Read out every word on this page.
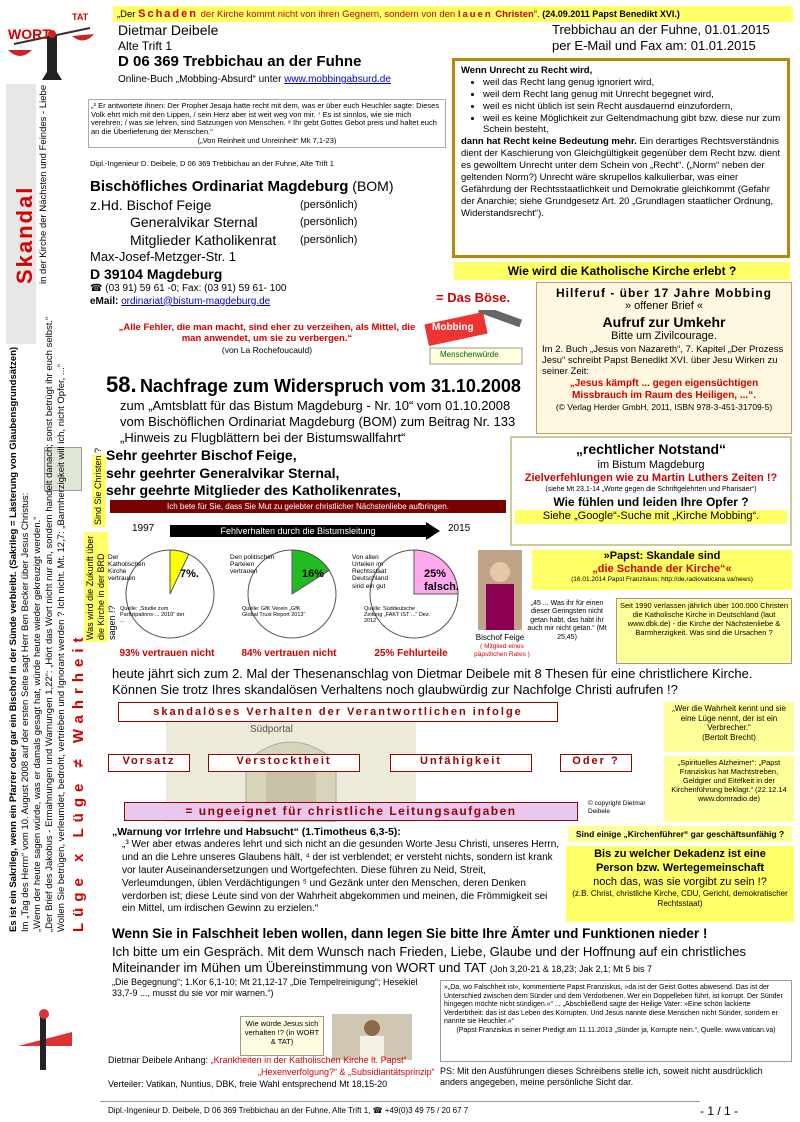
„Der Schaden der Kirche kommt nicht von ihren Gegnern, sondern von den lauen Christen“. (24.09.2011 Papst Benedikt XVI.)
WORT
TAT
Dietmar Deibele
Alte Trift 1
D 06 369 Trebbichau an der Fuhne
Online-Buch „Mobbing-Absurd“ unter www.mobbingabsurd.de
Trebbichau an der Fuhne, 01.01.2015
per E-Mail und Fax am: 01.01.2015
„² Er antwortete ihnen: Der Prophet Jesaja hatte recht mit dem, was er über euch Heuchler sagte: Dieses Volk ehrt mich mit den Lippen, / sein Herz aber ist weit weg von mir. ⁷ Es ist sinnlos, wie sie mich verehren; / was sie lehren, sind Satzungen von Menschen. ⁸ Ihr gebt Gottes Gebot preis und haltet euch an die Überlieferung der Menschen.“
(„Von Reinheit und Unreinheit“ Mk 7,1-23)
Dipl.-Ingenieur D. Deibele, D 06 369 Trebbichau an der Fuhne, Alte Trift 1
Bischöfliches Ordinariat Magdeburg (BOM)
z.Hd. Bischof Feige	(persönlich)
Generalvikar Sternal	(persönlich)
Mitglieder Katholikenrat	(persönlich)
Max-Josef-Metzger-Str. 1
D 39104 Magdeburg
☎ (03 91) 59 61 -0; Fax: (03 91) 59 61- 100
eMail: ordinariat@bistum-magdeburg.de
Wenn Unrecht zu Recht wird,
• weil das Recht lang genug ignoriert wird,
• weil dem Recht lang genug mit Unrecht begegnet wird,
• weil es nicht üblich ist sein Recht ausdauernd einzufordern,
• weil es keine Möglichkeit zur Geltendmachung gibt bzw. diese nur zum Schein besteht,
dann hat Recht keine Bedeutung mehr. Ein derartiges Rechtsverständnis dient der Kaschierung von Gleichgültigkeit gegenüber dem Recht bzw. dient es gewolltem Unrecht unter dem Schein von „Recht“. („Norm“ neben der geltenden Norm?) Unrecht wäre skrupellos kalkulierbar, was einer Gefährdung der Rechtsstaatlichkeit und Demokratie gleichkommt (Gefahr der Anarchie; siehe Grundgesetz Art. 20 „Grundlagen staatlicher Ordnung, Widerstandsrecht“).
Wie wird die Katholische Kirche erlebt ?
= Das Böse.
Mobbing
Menschenwürde
Hilferuf - über 17 Jahre Mobbing
» offener Brief «
Aufruf zur Umkehr
Bitte um Zivilcourage.
Im 2. Buch „Jesus von Nazareth“, 7. Kapitel „Der Prozess Jesu“ schreibt Papst Benedikt XVI. über Jesu Wirken zu seiner Zeit:
„Jesus kämpft ... gegen eigensüchtigen Missbrauch im Raum des Heiligen, ...“.
(© Verlag Herder GmbH, 2011, ISBN 978-3-451-31709-5)
„Alle Fehler, die man macht, sind eher zu verzeihen, als Mittel, die man anwendet, um sie zu verbergen.“
(von La Rochefoucauld)
58. Nachfrage zum Widerspruch vom 31.10.2008
zum „Amtsblatt für das Bistum Magdeburg - Nr. 10“ vom 01.10.2008
vom Bischöflichen Ordinariat Magdeburg (BOM) zum Beitrag Nr. 133
„Hinweis zu Flugblättern bei der Bistumswallfahrt“
Sehr geehrter Bischof Feige,
sehr geehrter Generalvikar Sternal,
sehr geehrte Mitglieder des Katholikenrates,
„rechtlicher Notstand“
im Bistum Magdeburg
Zielverfehlungen wie zu Martin Luthers Zeiten !?
(siehe Mt 23,1-14 „Worte gegen die Schriftgelehrten und Pharisäer“)
Wie fühlen und leiden Ihre Opfer ?
Siehe „Google“-Suche mit „Kirche Mobbing“.
Sind Sie Christen ?	Ich bete für Sie, dass Sie Mut zu gelebter christlicher Nächstenliebe aufbringen.
1997	Fehlverhalten durch die Bistumsleitung	2015
Der Katholischen Kirche vertrauen	7%.
Quelle: „Studie zum Partizipations-... 2010“ der ...
93% vertrauen nicht
Den politischen Parteien vertrauen	16%
Quelle: GfK Verein „GfK Global Trust Report 2013“
84% vertrauen nicht
Von allen Urteilen im Rechtsstaat Deutschland sind ein gut
25% falsch.
Quelle: Süddeutsche Zeitung „FAKT IST ...“ Dez. 2012
25% Fehlurteile
Was wird die Zukunft über die Kirche in der BRD sagen !?
„45 ... Was ihr für einen dieser Geringsten nicht getan habt, das habt ihr auch mir nicht getan.“ (Mt 25,45)
Bischof Feige
( Mitglied eines päpstlichen Rates )
»Papst: Skandale sind
„die Schande der Kirche“«
(16.01.2014 Papst Franziskus; http://de.radiovaticana.va/news)
Seit 1990 verlassen jährlich über 100.000 Christen die Katholische Kirche in Deutschland (laut www.dbk.de) - die Kirche der Nächstenliebe & Barmherzigkeit. Was sind die Ursachen ?
heute jährt sich zum 2. Mal der Thesenanschlag von Dietmar Deibele mit 8 Thesen für eine christlichere Kirche. Können Sie trotz Ihres skandalösen Verhaltens noch glaubwürdig zur Nachfolge Christi aufrufen !?
skandalöses Verhalten der Verantwortlichen infolge
Südportal
Vorsatz	Verstocktheit	Unfähigkeit	Oder ?
= ungeeignet für christliche Leitungsaufgaben
© copyright Dietmar Deibele
„Wer die Wahrheit kennt und sie eine Lüge nennt, der ist ein Verbrecher.“
(Bertolt Brecht)
„Spirituelles Alzheimer“: „Papst Franziskus hat Machtstreben, Geldgier und Eitelkeit in der Kirchenführung beklagt.“ (22.12.14 www.domradio.de)
„Warnung vor Irrlehre und Habsucht“ (1.Timotheus 6,3-5):
„³ Wer aber etwas anderes lehrt und sich nicht an die gesunden Worte Jesu Christi, unseres Herrn, und an die Lehre unseres Glaubens hält, ⁴ der ist verblendet; er versteht nichts, sondern ist krank vor lauter Auseinandersetzungen und Wortgefechten. Diese führen zu Neid, Streit, Verleumdungen, üblen Verdächtigungen ⁵ und Gezänk unter den Menschen, deren Denken verdorben ist; diese Leute sind von der Wahrheit abgekommen und meinen, die Frömmigkeit sei ein Mittel, um irdischen Gewinn zu erzielen.“
Sind einige „Kirchenführer“ gar geschäftsunfähig ?
Bis zu welcher Dekadenz ist eine
Person bzw. Wertegemeinschaft
noch das, was sie vorgibt zu sein !?
(z.B. Christ, christliche Kirche, CDU, Gericht, demokratischer Rechtsstaat)
Wenn Sie in Falschheit leben wollen, dann legen Sie bitte Ihre Ämter und Funktionen nieder !
Ich bitte um ein Gespräch. Mit dem Wunsch nach Frieden, Liebe, Glaube und der Hoffnung auf ein christliches Miteinander im Mühen um Übereinstimmung von WORT und TAT (Joh 3,20-21 & 18,23; Jak 2,1; Mt 5 bis 7
„Die Begegnung“; 1.Kor 6,1-10; Mt 21,12-17 „Die Tempelreinigung“; Hesekiel 33,7-9 ..., musst du sie vor mir warnen.“)
»„Da, wo Falschheit ist«, kommentierte Papst Franziskus, »da ist der Geist Gottes abwesend. Das ist der Unterschied zwischen dem Sünder und dem Verdorbenen. Wer ein Doppelleben führt, ist korrupt. Der Sünder hingegen möchte nicht sündigen.«“ ... „Abschließend sagte der Heilige Vater: »Eine schön lackierte Verderbtheit: das ist das Leben des Korrupten. Und Jesus nannte diese Menschen nicht Sünder, sondern er nannte sie Heuchler.«“
(Papst Franziskus in seiner Predigt am 11.11.2013 „Sünder ja, Korrupte nein.“, Quelle: www.vatican.va)
Wie würde Jesus sich verhalten !? (in WORT & TAT)
Dietmar Deibele Anhang: „Krankheiten in der Katholischen Kirche lt. Papst“
„Hexenverfolgung?“ & „Subsidiaritätsprinzip“
Verteiler: Vatikan, Nuntius, DBK, freie Wahl entsprechend Mt 18,15-20
PS: Mit den Ausführungen dieses Schreibens stelle ich, soweit nicht ausdrücklich anders angegeben, meine persönliche Sicht dar.
Dipl.-Ingenieur D. Deibele, D 06 369 Trebbichau an der Fuhne, Alte Trift 1, ☎ +49(0)3 49 75 / 20 67 7	- 1 / 1 -
Skandal in der Kirche der Nächsten und Feindes - Liebe
Es ist ein Sakrileg, wenn ein Pfarrer oder gar ein Bischof in der Sünde verbleibt. (Sakrileg = Lästerung von Glaubensgrundsätzen) Im „Tag des Herrn“ vom 10. August 2008 auf der ersten Seite sagt Herr Ben Becker über Jesus Christus: „Wenn der heute sagen würde, was er damals gesagt hat, würde heute wieder gekreuzigt werden.“ „Der Brief des Jakobus - Ermahnungen und Warnungen 1,22“: „Hört das Wort nicht nur an, sondern handelt danach; sonst betrügt ihr euch selbst.“ Wollen Sie betrügen, verleumdet, bedroht, vertrieben und Ignorant werden ? Ich nicht. Mt. 12,7: „Barmherzigkeit will ich, nicht Opfer, ...“ Lüge x Lüge ≠ Wahrheit
